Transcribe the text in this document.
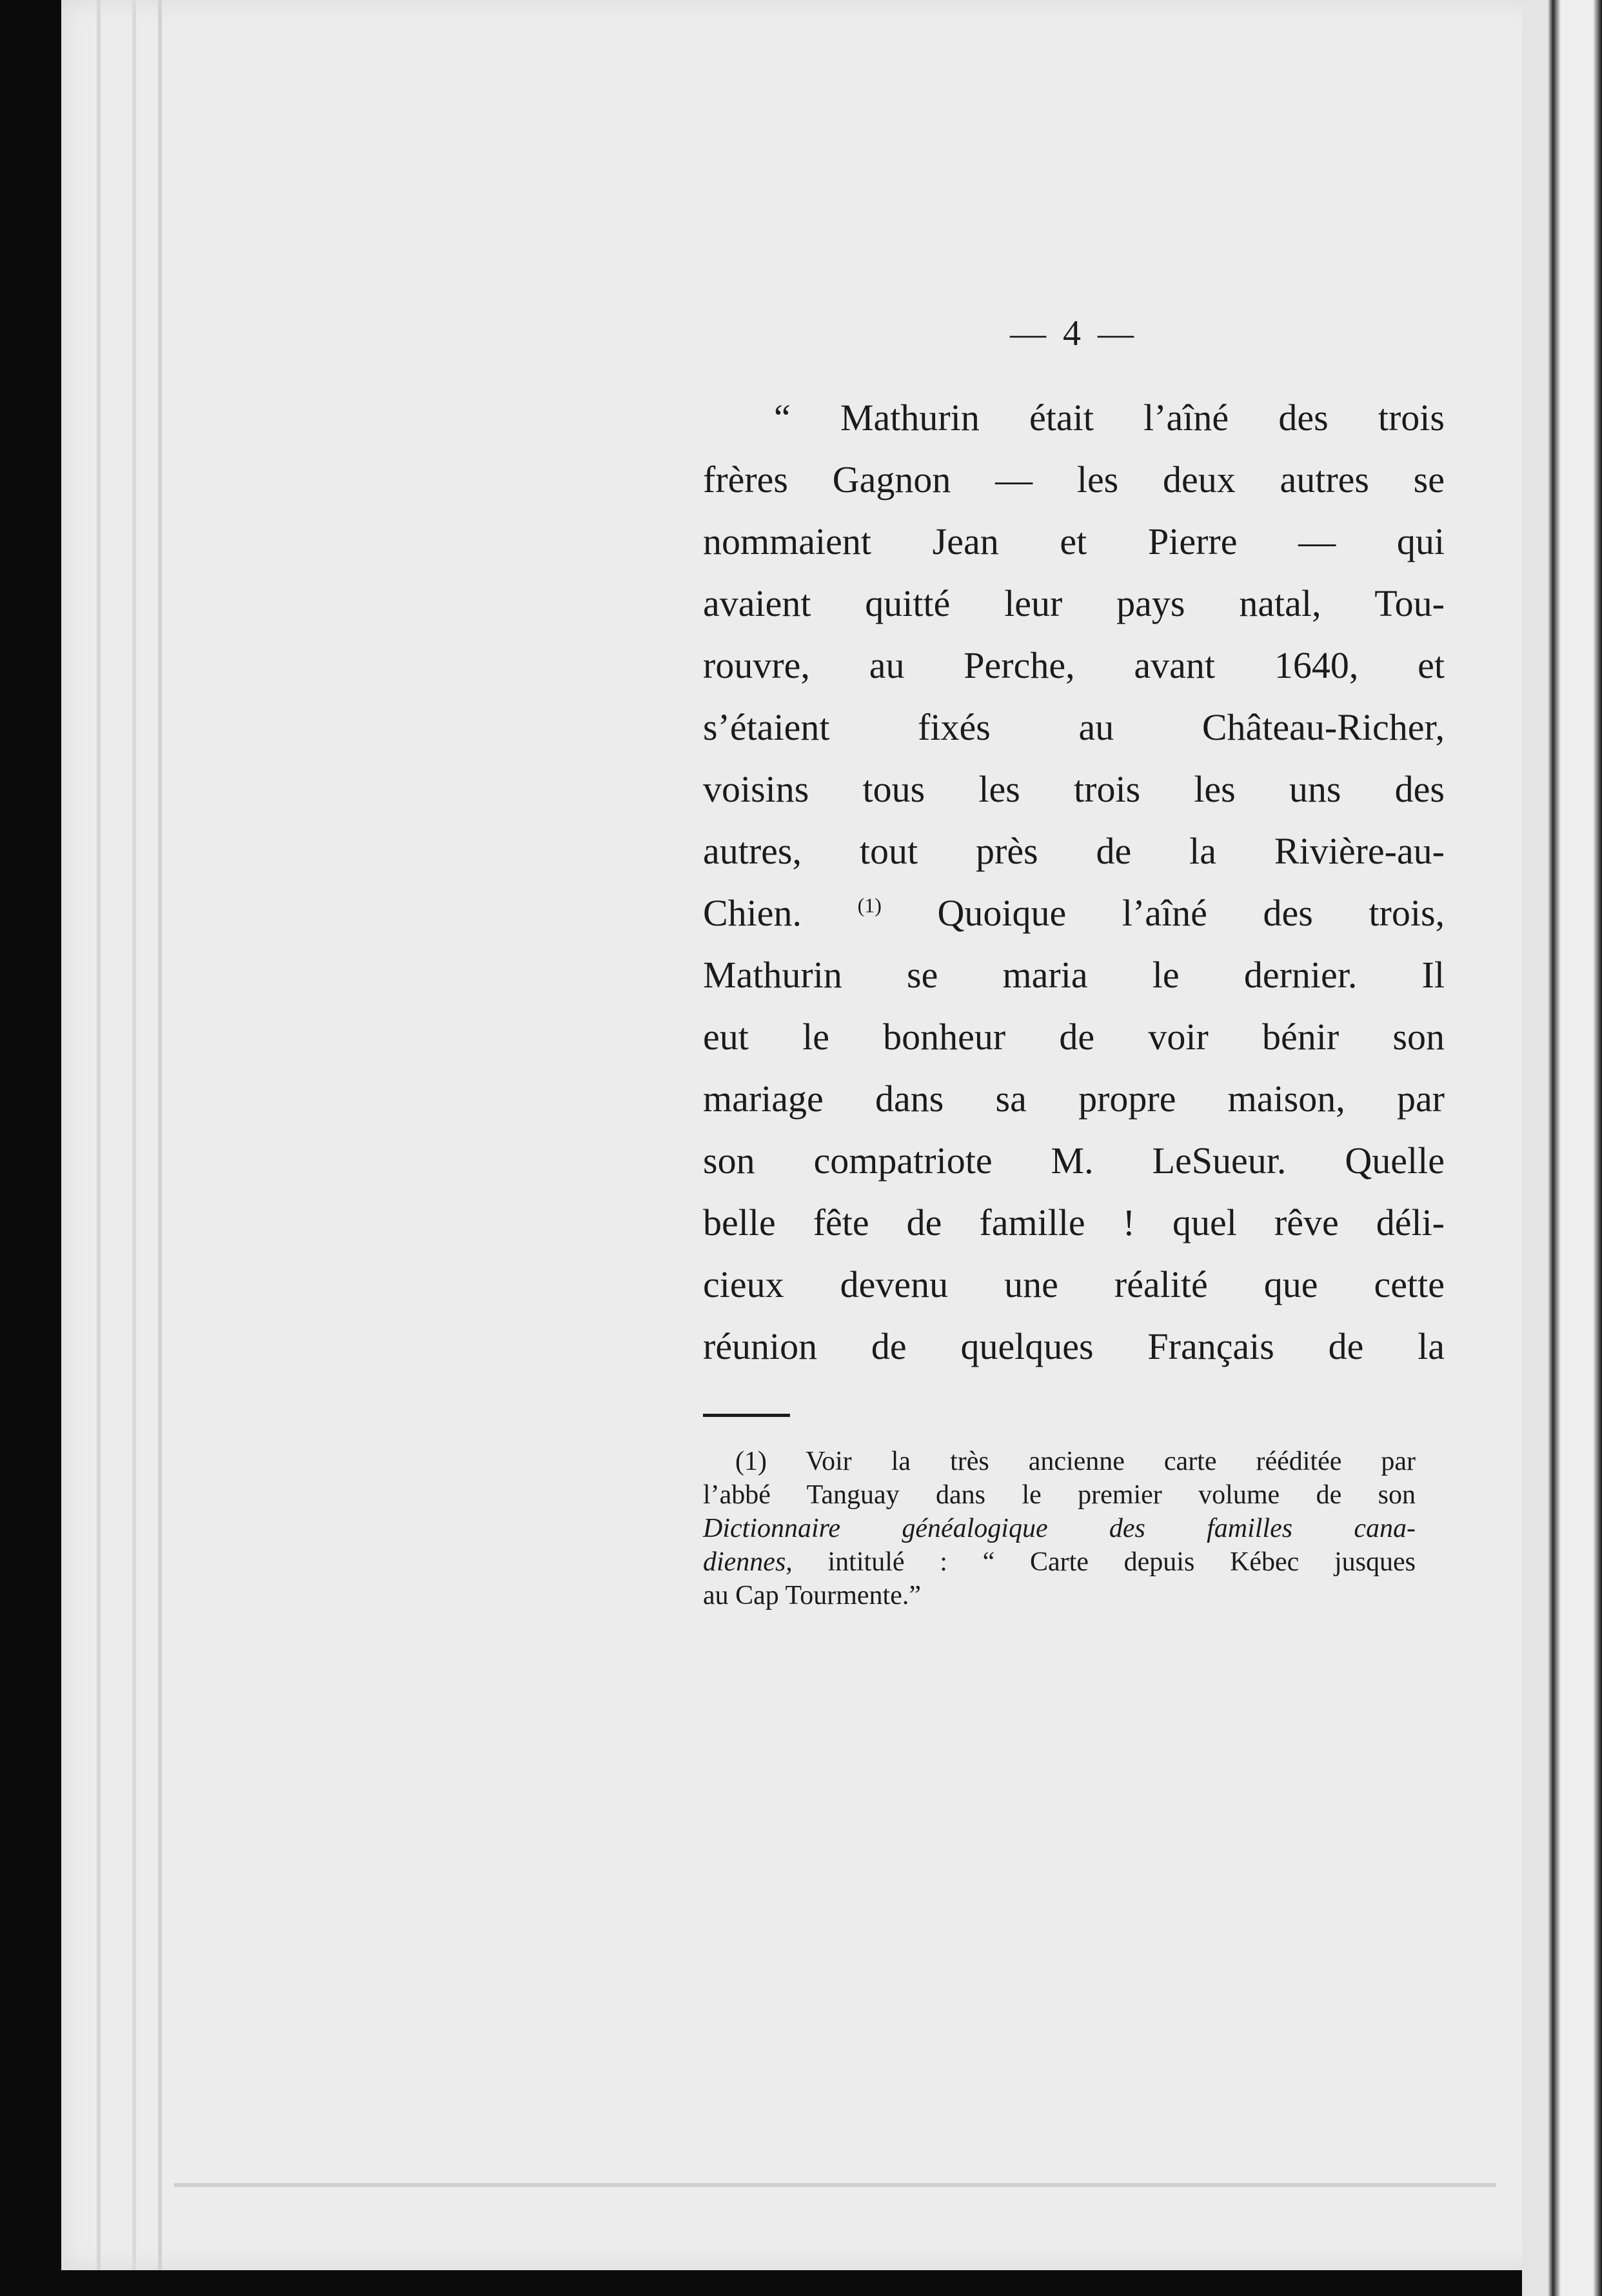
— 4 —
“ Mathurin était l’aîné des trois
frères Gagnon — les deux autres se
nommaient Jean et Pierre — qui
avaient quitté leur pays natal, Tou-
rouvre, au Perche, avant 1640, et
s’étaient fixés au Château-Richer,
voisins tous les trois les uns des
autres, tout près de la Rivière-au-
Chien.	$^{(1)}$ Quoique l’aîné des trois,
Mathurin se maria le dernier. Il
eut le bonheur de voir bénir son
mariage dans sa propre maison, par
son compatriote M. LeSueur. Quelle
belle fête de famille ! quel rêve déli-
cieux devenu une réalité que cette
réunion de quelques Français de la
(1) Voir la très ancienne carte rééditée par
l’abbé Tanguay dans le premier volume de son
Dictionnaire généalogique des familles cana-
diennes, intitulé : “ Carte depuis Kébec jusques
au Cap Tourmente.”
